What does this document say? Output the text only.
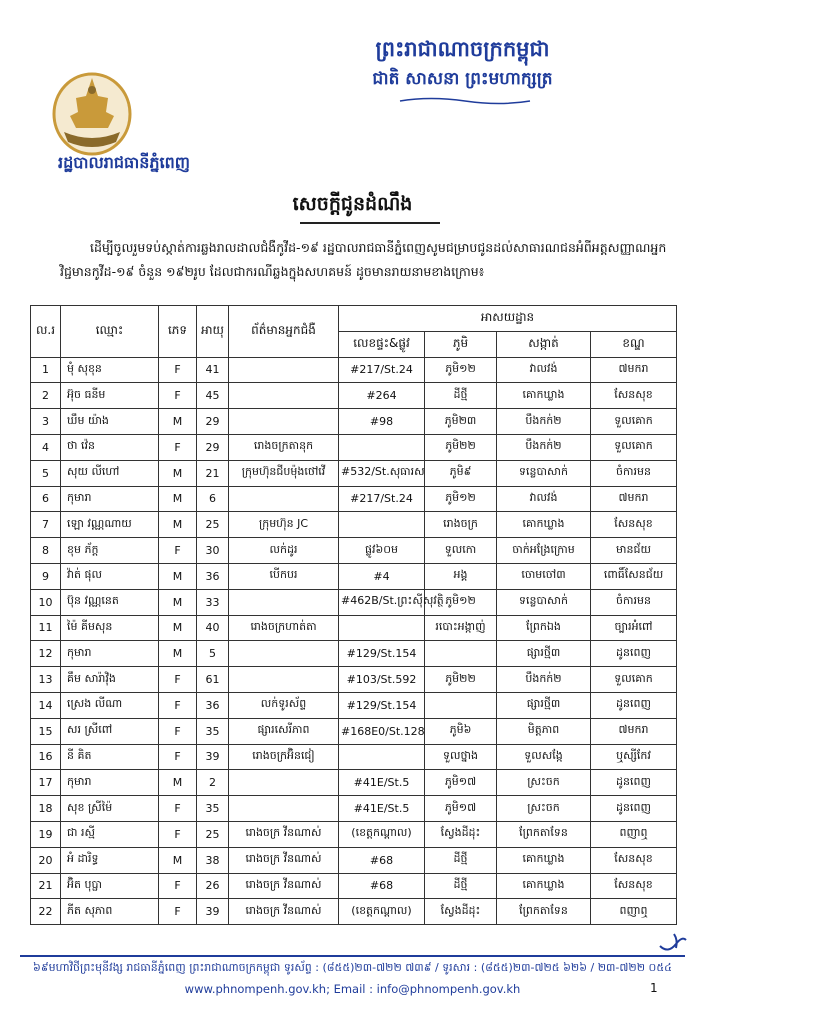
ព្រះរាជាណាចក្រកម្ពុជា
ជាតិ សាសនា ព្រះមហាក្សត្រ
រដ្ឋបាលរាជធានីភ្នំពេញ
សេចក្តីជូនដំណឹង
ដើម្បីចូលរួមទប់ស្កាត់ការឆ្លងរាលដាលជំងឺកូវីដ-១៩ រដ្ឋបាលរាជធានីភ្នំពេញសូមជម្រាបជូនដល់សាធារណជនអំពីអត្តសញ្ញាណអ្នកវិជ្ជមានកូវីដ-១៩ ចំនួន ១៩២រូប ដែលជាករណីឆ្លងក្នុងសហគមន៍ ដូចមានរាយនាមខាងក្រោម៖
ល.រ	ឈ្មោះ	ភេទ	អាយុ	ព័ត៌មានអ្នកជំងឺ	អាសយដ្ឋាន			
					លេខផ្ទះ&ផ្លូវ	ភូមិ	សង្កាត់	ខណ្ឌ
1	មុំ សុខុន	F	41		#217/St.24	ភូមិ១២	វាលវង់	៧មករា
2	អ៊ុច ធនីម	F	45		#264	ដីថ្មី	គោកឃ្លាង	សែនសុខ
3	ឃឹម យ៉ាង	M	29		#98	ភូមិ២៣	បឹងកក់២	ទួលគោក
4	ថា វ៉េន	F	29	រោងចក្រតានុក		ភូមិ២២	បឹងកក់២	ទួលគោក
5	សុយ លីហៅ	M	21	ក្រុមហ៊ុនជីបម៉ុងថៅវើ	#532/St.សុធារស	ភូមិ៩	ទន្លេបាសាក់	ចំការមន
6	កុមារា	M	6		#217/St.24	ភូមិ១២	វាលវង់	៧មករា
7	ឡោ វណ្ណណាយ	M	25	ក្រុមហ៊ុន JC		រោងចក្រ	គោកឃ្លាង	សែនសុខ
8	ខុម ភ័ក្ត	F	30	លក់ដូរ	ផ្លូវ៦០ម	ទួលកោ	ចាក់អង្រែក្រោម	មានជ័យ
9	វ៉ាត់ ផុល	M	36	បើកបរ	#4	អង្គ	ចោមចៅ៣	ពោធិ៍សែនជ័យ
10	ប៊ុន វណ្ណនេត	M	33		#462B/St.ព្រះស៊ីសុវត្ថិ	ភូមិ១២	ទន្លេបាសាក់	ចំការមន
11	ម៉ៃ គីមសុន	M	40	រោងចក្រហាត់តា		របោះអង្កាញ់	ព្រែកឯង	ច្បារអំពៅ
12	កុមារា	M	5		#129/St.154		ផ្សារថ្មី៣	ដូនពេញ
13	គឹម សារ៉ាវ៉ិង	F	61		#103/St.592	ភូមិ២២	បឹងកក់២	ទួលគោក
14	ស្រេង លីណា	F	36	លក់ទូរស័ព្ទ	#129/St.154		ផ្សារថ្មី៣	ដូនពេញ
15	សរ ស្រីពៅ	F	35	ផ្សារសេរីភាព	#168E0/St.128	ភូមិ៦	មិត្តភាព	៧មករា
16	នី គិត	F	39	រោងចក្រអ៊ិនជៀ		ទួលថ្នាង	ទួលសង្កែ	ឬស្សីកែវ
17	កុមារា	M	2		#41E/St.5	ភូមិ១៧	ស្រះចក	ដូនពេញ
18	សុខ ស្រីម៉ៃ	F	35		#41E/St.5	ភូមិ១៧	ស្រះចក	ដូនពេញ
19	ជា រស្មី	F	25	រោងចក្រ វីនណាស់	(ខេត្តកណ្តាល)	ស្វែងដីដុះ	ព្រែកតាទែន	ពញាឮ
20	អំ ដារិទ្ធ	M	38	រោងចក្រ វីនណាស់	#68	ដីថ្មី	គោកឃ្លាង	សែនសុខ
21	អ៊ិត បុប្ផា	F	26	រោងចក្រ វីនណាស់	#68	ដីថ្មី	គោកឃ្លាង	សែនសុខ
22	ភីត សុភាព	F	39	រោងចក្រ វីនណាស់	(ខេត្តកណ្តាល)	ស្វែងដីដុះ	ព្រែកតាទែន	ពញាឮ
៦៩មហាវិថីព្រះមុនីវង្ស រាជធានីភ្នំពេញ ព្រះរាជាណាចក្រកម្ពុជា ទូរស័ព្ទ : (៨៥៥)២៣-៧២២ ៧៣៩ / ទូរសារ : (៨៥៥)២៣-៧២៥ ៦២៦ / ២៣-៧២២ ០៥៤
www.phnompenh.gov.kh; Email : info@phnompenh.gov.kh	1
